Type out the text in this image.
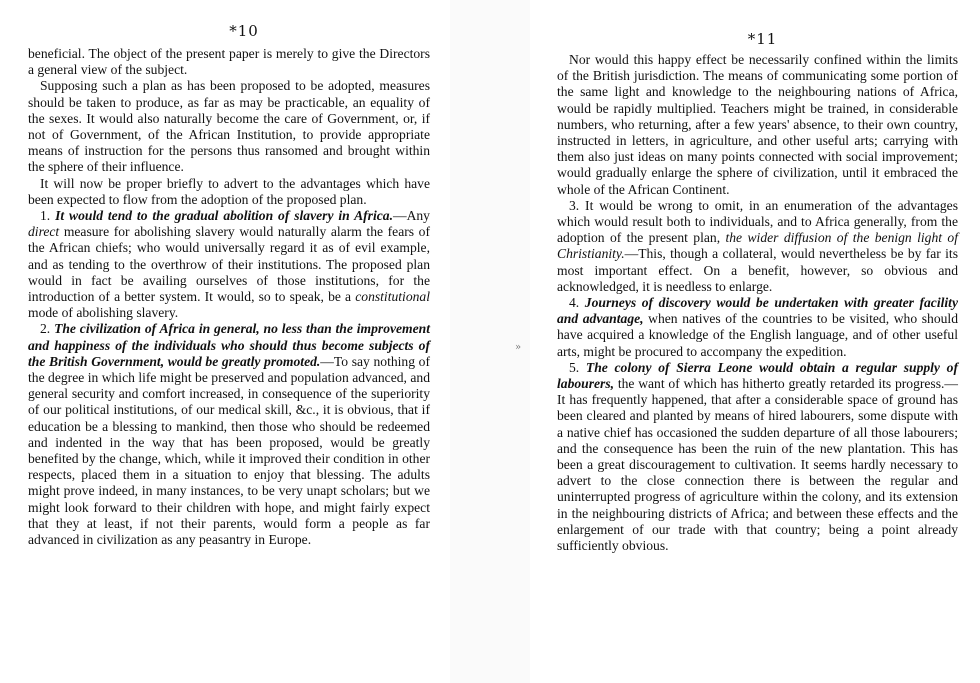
»
*10

beneficial. The object of the present paper is merely to give the Directors a general view of the subject.

Supposing such a plan as has been proposed to be adopted, measures should be taken to produce, as far as may be practicable, an equality of the sexes. It would also naturally become the care of Government, or, if not of Government, of the African Institution, to provide appropriate means of instruction for the persons thus ransomed and brought within the sphere of their influence.

It will now be proper briefly to advert to the advantages which have been expected to flow from the adoption of the proposed plan.

1. It would tend to the gradual abolition of slavery in Africa.—Any direct measure for abolishing slavery would naturally alarm the fears of the African chiefs; who would universally regard it as of evil example, and as tending to the overthrow of their institutions. The proposed plan would in fact be availing ourselves of those institutions, for the introduction of a better system. It would, so to speak, be a constitutional mode of abolishing slavery.

2. The civilization of Africa in general, no less than the improvement and happiness of the individuals who should thus become subjects of the British Government, would be greatly promoted.—To say nothing of the degree in which life might be preserved and population advanced, and general security and comfort increased, in consequence of the superiority of our political institutions, of our medical skill, &c., it is obvious, that if education be a blessing to mankind, then those who should be redeemed and indented in the way that has been proposed, would be greatly benefited by the change, which, while it improved their condition in other respects, placed them in a situation to enjoy that blessing. The adults might prove indeed, in many instances, to be very unapt scholars; but we might look forward to their children with hope, and might fairly expect that they at least, if not their parents, would form a people as far advanced in civilization as any peasantry in Europe.

*11

Nor would this happy effect be necessarily confined within the limits of the British jurisdiction. The means of communicating some portion of the same light and knowledge to the neighbouring nations of Africa, would be rapidly multiplied. Teachers might be trained, in considerable numbers, who returning, after a few years' absence, to their own country, instructed in letters, in agriculture, and other useful arts; carrying with them also just ideas on many points connected with social improvement; would gradually enlarge the sphere of civilization, until it embraced the whole of the African Continent.

3. It would be wrong to omit, in an enumeration of the advantages which would result both to individuals, and to Africa generally, from the adoption of the present plan, the wider diffusion of the benign light of Christianity.—This, though a collateral, would nevertheless be by far its most important effect. On a benefit, however, so obvious and acknowledged, it is needless to enlarge.

4. Journeys of discovery would be undertaken with greater facility and advantage, when natives of the countries to be visited, who should have acquired a knowledge of the English language, and of other useful arts, might be procured to accompany the expedition.

5. The colony of Sierra Leone would obtain a regular supply of labourers, the want of which has hitherto greatly retarded its progress.—It has frequently happened, that after a considerable space of ground has been cleared and planted by means of hired labourers, some dispute with a native chief has occasioned the sudden departure of all those labourers; and the consequence has been the ruin of the new plantation. This has been a great discouragement to cultivation. It seems hardly necessary to advert to the close connection there is between the regular and uninterrupted progress of agriculture within the colony, and its extension in the neighbouring districts of Africa; and between these effects and the enlargement of our trade with that country; being a point already sufficiently obvious.
